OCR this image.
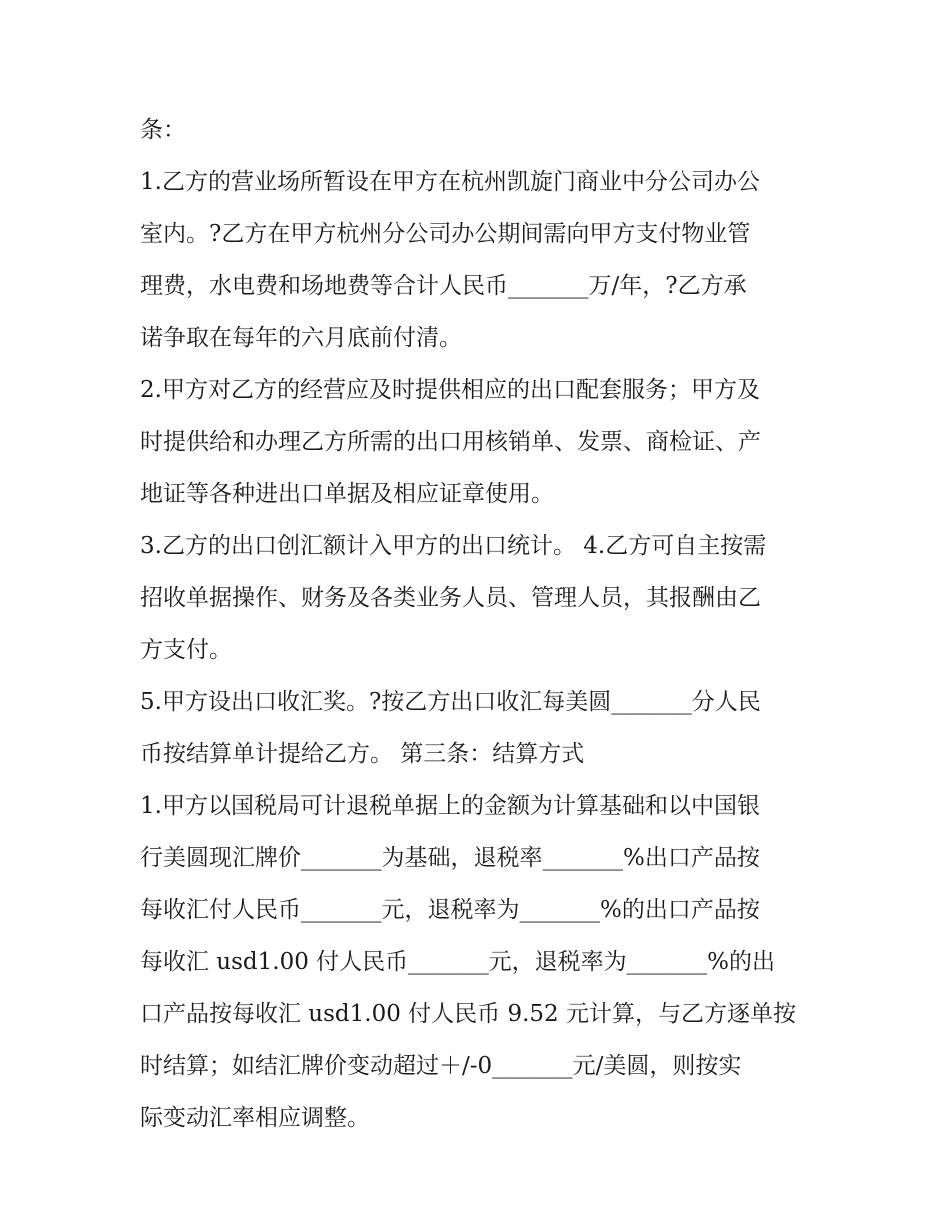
条：
1.乙方的营业场所暂设在甲方在杭州凯旋门商业中分公司办公
室内。?乙方在甲方杭州分公司办公期间需向甲方支付物业管
理费，水电费和场地费等合计人民币_______万/年，?乙方承
诺争取在每年的六月底前付清。
2.甲方对乙方的经营应及时提供相应的出口配套服务；甲方及
时提供给和办理乙方所需的出口用核销单、发票、商检证、产
地证等各种进出口单据及相应证章使用。
3.乙方的出口创汇额计入甲方的出口统计。 4.乙方可自主按需
招收单据操作、财务及各类业务人员、管理人员，其报酬由乙
方支付。
5.甲方设出口收汇奖。?按乙方出口收汇每美圆_______分人民
币按结算单计提给乙方。 第三条：结算方式
1.甲方以国税局可计退税单据上的金额为计算基础和以中国银
行美圆现汇牌价_______为基础，退税率_______%出口产品按
每收汇付人民币_______元，退税率为_______%的出口产品按
每收汇 usd1.00 付人民币_______元，退税率为_______%的出
口产品按每收汇 usd1.00 付人民币 9.52 元计算，与乙方逐单按
时结算；如结汇牌价变动超过＋/-0_______元/美圆，则按实
际变动汇率相应调整。
